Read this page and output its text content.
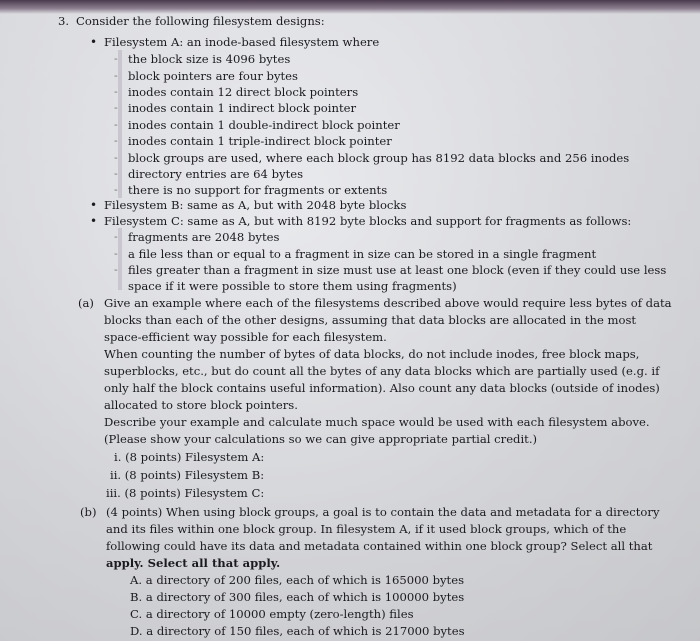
3. Consider the following filesystem designs:
• Filesystem A: an inode-based filesystem where
- the block size is 4096 bytes
- block pointers are four bytes
- inodes contain 12 direct block pointers
- inodes contain 1 indirect block pointer
- inodes contain 1 double-indirect block pointer
- inodes contain 1 triple-indirect block pointer
- block groups are used, where each block group has 8192 data blocks and 256 inodes
- directory entries are 64 bytes
- there is no support for fragments or extents
• Filesystem B: same as A, but with 2048 byte blocks
• Filesystem C: same as A, but with 8192 byte blocks and support for fragments as follows:
- fragments are 2048 bytes
- a file less than or equal to a fragment in size can be stored in a single fragment
- files greater than a fragment in size must use at least one block (even if they could use less
space if it were possible to store them using fragments)
(a) Give an example where each of the filesystems described above would require less bytes of data
blocks than each of the other designs, assuming that data blocks are allocated in the most
space-efficient way possible for each filesystem.
When counting the number of bytes of data blocks, do not include inodes, free block maps,
superblocks, etc., but do count all the bytes of any data blocks which are partially used (e.g. if
only half the block contains useful information). Also count any data blocks (outside of inodes)
allocated to store block pointers.
Describe your example and calculate much space would be used with each filesystem above.
(Please show your calculations so we can give appropriate partial credit.)
i. (8 points) Filesystem A:
ii. (8 points) Filesystem B:
iii. (8 points) Filesystem C:
(b) (4 points) When using block groups, a goal is to contain the data and metadata for a directory
and its files within one block group. In filesystem A, if it used block groups, which of the
following could have its data and metadata contained within one block group? Select all that
apply. Select all that apply.
A. a directory of 200 files, each of which is 165000 bytes
B. a directory of 300 files, each of which is 100000 bytes
C. a directory of 10000 empty (zero-length) files
D. a directory of 150 files, each of which is 217000 bytes
